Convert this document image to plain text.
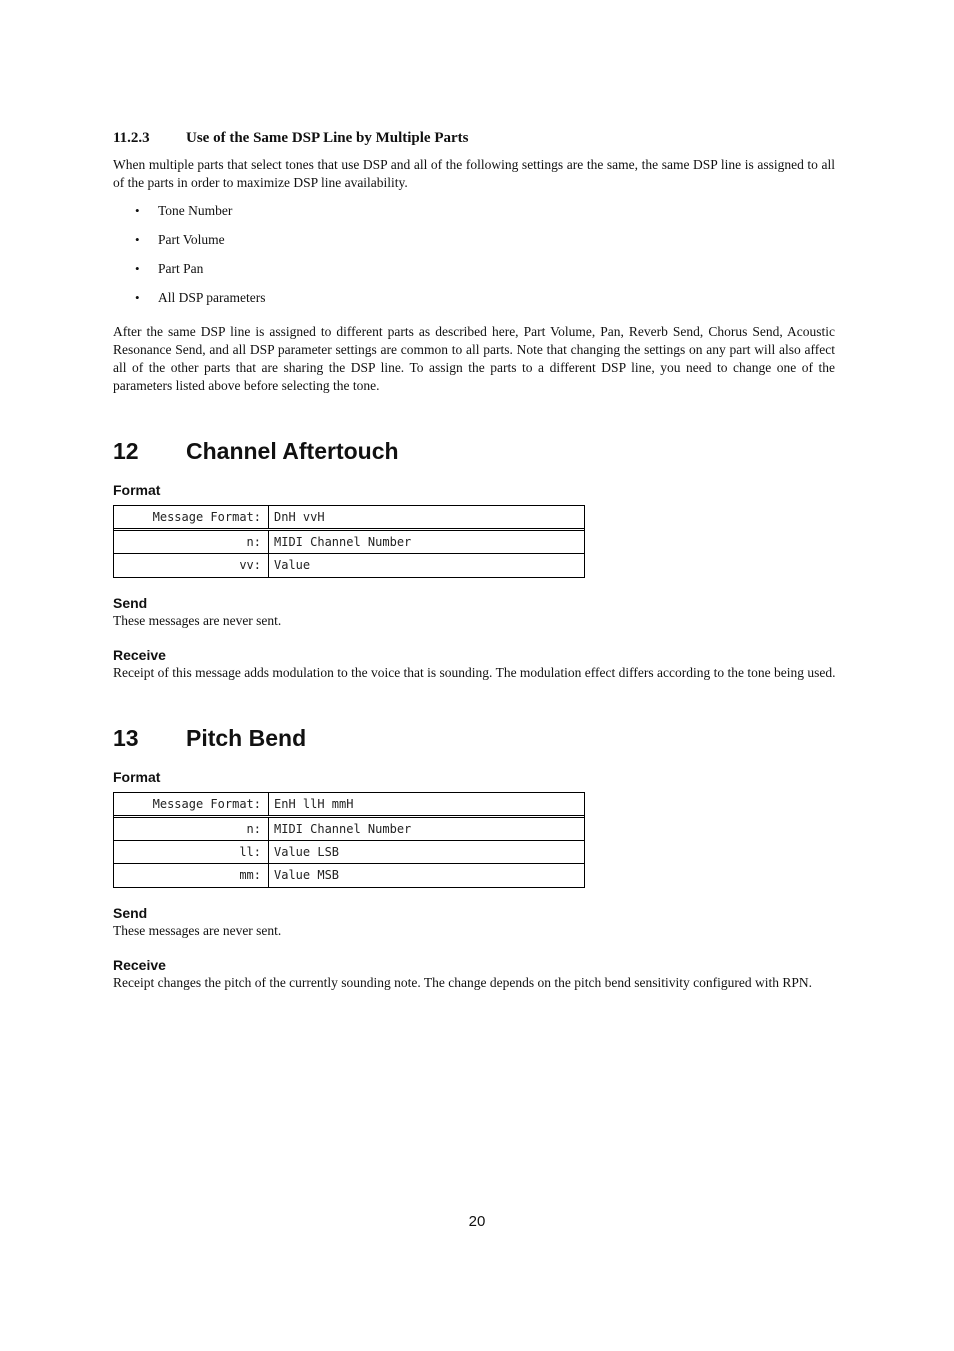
11.2.3	Use of the Same DSP Line by Multiple Parts

When multiple parts that select tones that use DSP and all of the following settings are the same, the same DSP line is assigned to all of the parts in order to maximize DSP line availability.

•	Tone Number
•	Part Volume
•	Part Pan
•	All DSP parameters

After the same DSP line is assigned to different parts as described here, Part Volume, Pan, Reverb Send, Chorus Send, Acoustic Resonance Send, and all DSP parameter settings are common to all parts. Note that changing the settings on any part will also affect all of the other parts that are sharing the DSP line. To assign the parts to a different DSP line, you need to change one of the parameters listed above before selecting the tone.

12	Channel Aftertouch

Format

Message Format:	DnH vvH
n:	MIDI Channel Number
vv:	Value

Send

These messages are never sent.

Receive

Receipt of this message adds modulation to the voice that is sounding. The modulation effect differs according to the tone being used.

13	Pitch Bend

Format

Message Format:	EnH llH mmH
n:	MIDI Channel Number
ll:	Value LSB
mm:	Value MSB

Send

These messages are never sent.

Receive

Receipt changes the pitch of the currently sounding note. The change depends on the pitch bend sensitivity configured with RPN.

20
